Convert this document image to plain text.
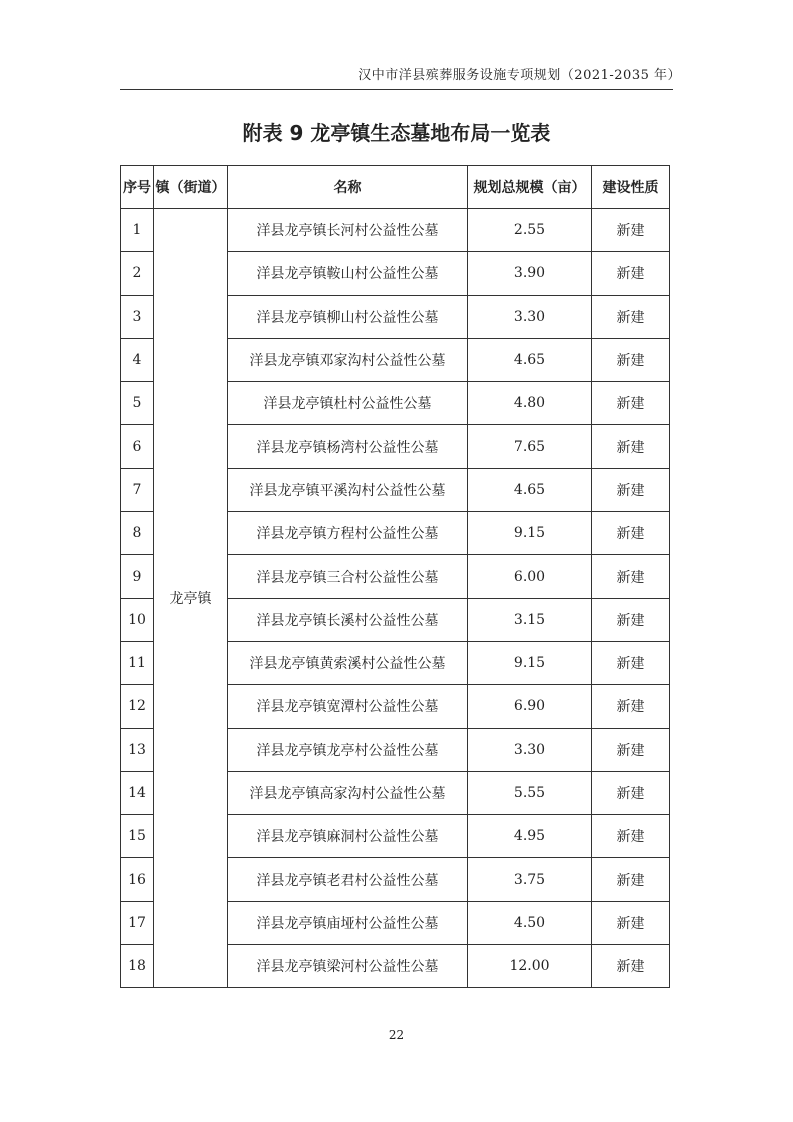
汉中市洋县殡葬服务设施专项规划（2021-2035 年）
附表 9 龙亭镇生态墓地布局一览表
序号	镇（街道）	名称	规划总规模（亩）	建设性质
1	龙亭镇	洋县龙亭镇长河村公益性公墓	2.55	新建
2		洋县龙亭镇鞍山村公益性公墓	3.90	新建
3		洋县龙亭镇柳山村公益性公墓	3.30	新建
4		洋县龙亭镇邓家沟村公益性公墓	4.65	新建
5		洋县龙亭镇杜村公益性公墓	4.80	新建
6		洋县龙亭镇杨湾村公益性公墓	7.65	新建
7		洋县龙亭镇平溪沟村公益性公墓	4.65	新建
8		洋县龙亭镇方程村公益性公墓	9.15	新建
9		洋县龙亭镇三合村公益性公墓	6.00	新建
10		洋县龙亭镇长溪村公益性公墓	3.15	新建
11		洋县龙亭镇黄索溪村公益性公墓	9.15	新建
12		洋县龙亭镇宽潭村公益性公墓	6.90	新建
13		洋县龙亭镇龙亭村公益性公墓	3.30	新建
14		洋县龙亭镇高家沟村公益性公墓	5.55	新建
15		洋县龙亭镇麻洞村公益性公墓	4.95	新建
16		洋县龙亭镇老君村公益性公墓	3.75	新建
17		洋县龙亭镇庙垭村公益性公墓	4.50	新建
18		洋县龙亭镇梁河村公益性公墓	12.00	新建
22
